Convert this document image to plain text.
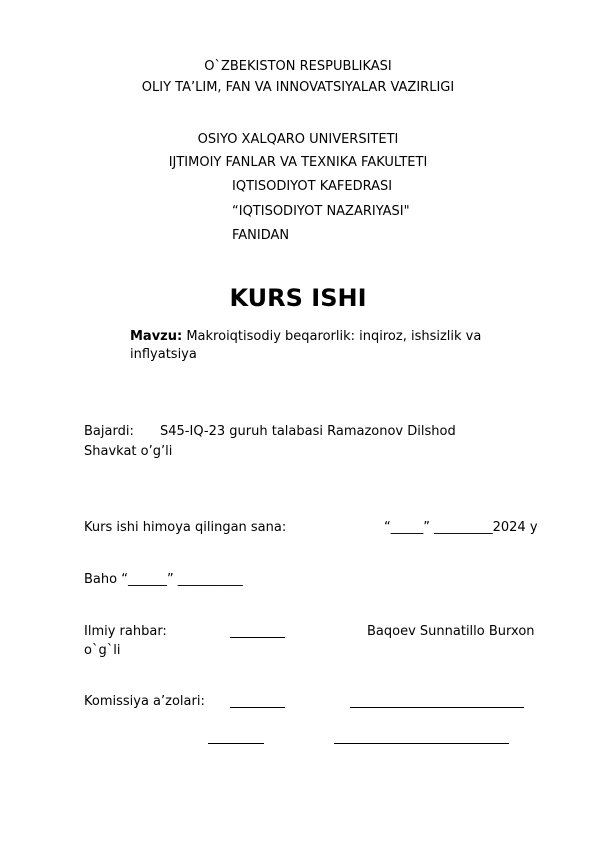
O`ZBEKISTON RESPUBLIKASI
OLIY TA’LIM, FAN VA INNOVATSIYALAR VAZIRLIGI
OSIYO XALQARO UNIVERSITETI
IJTIMOIY FANLAR VA TEXNIKA FAKULTETI
IQTISODIYOT KAFEDRASI
“IQTISODIYOT NAZARIYASI"
FANIDAN
KURS ISHI
Mavzu: Makroiqtisodiy beqarorlik: inqiroz, ishsizlik va
inflyatsiya
Bajardi: S45-IQ-23 guruh talabasi Ramazonov Dilshod
Shavkat o’g’li
Kurs ishi himoya qilingan sana:	“_____” _________2024 y
Baho “______” __________
Ilmiy rahbar:	Baqoev Sunnatillo Burxon
o`g`li
Komissiya a’zolari:
